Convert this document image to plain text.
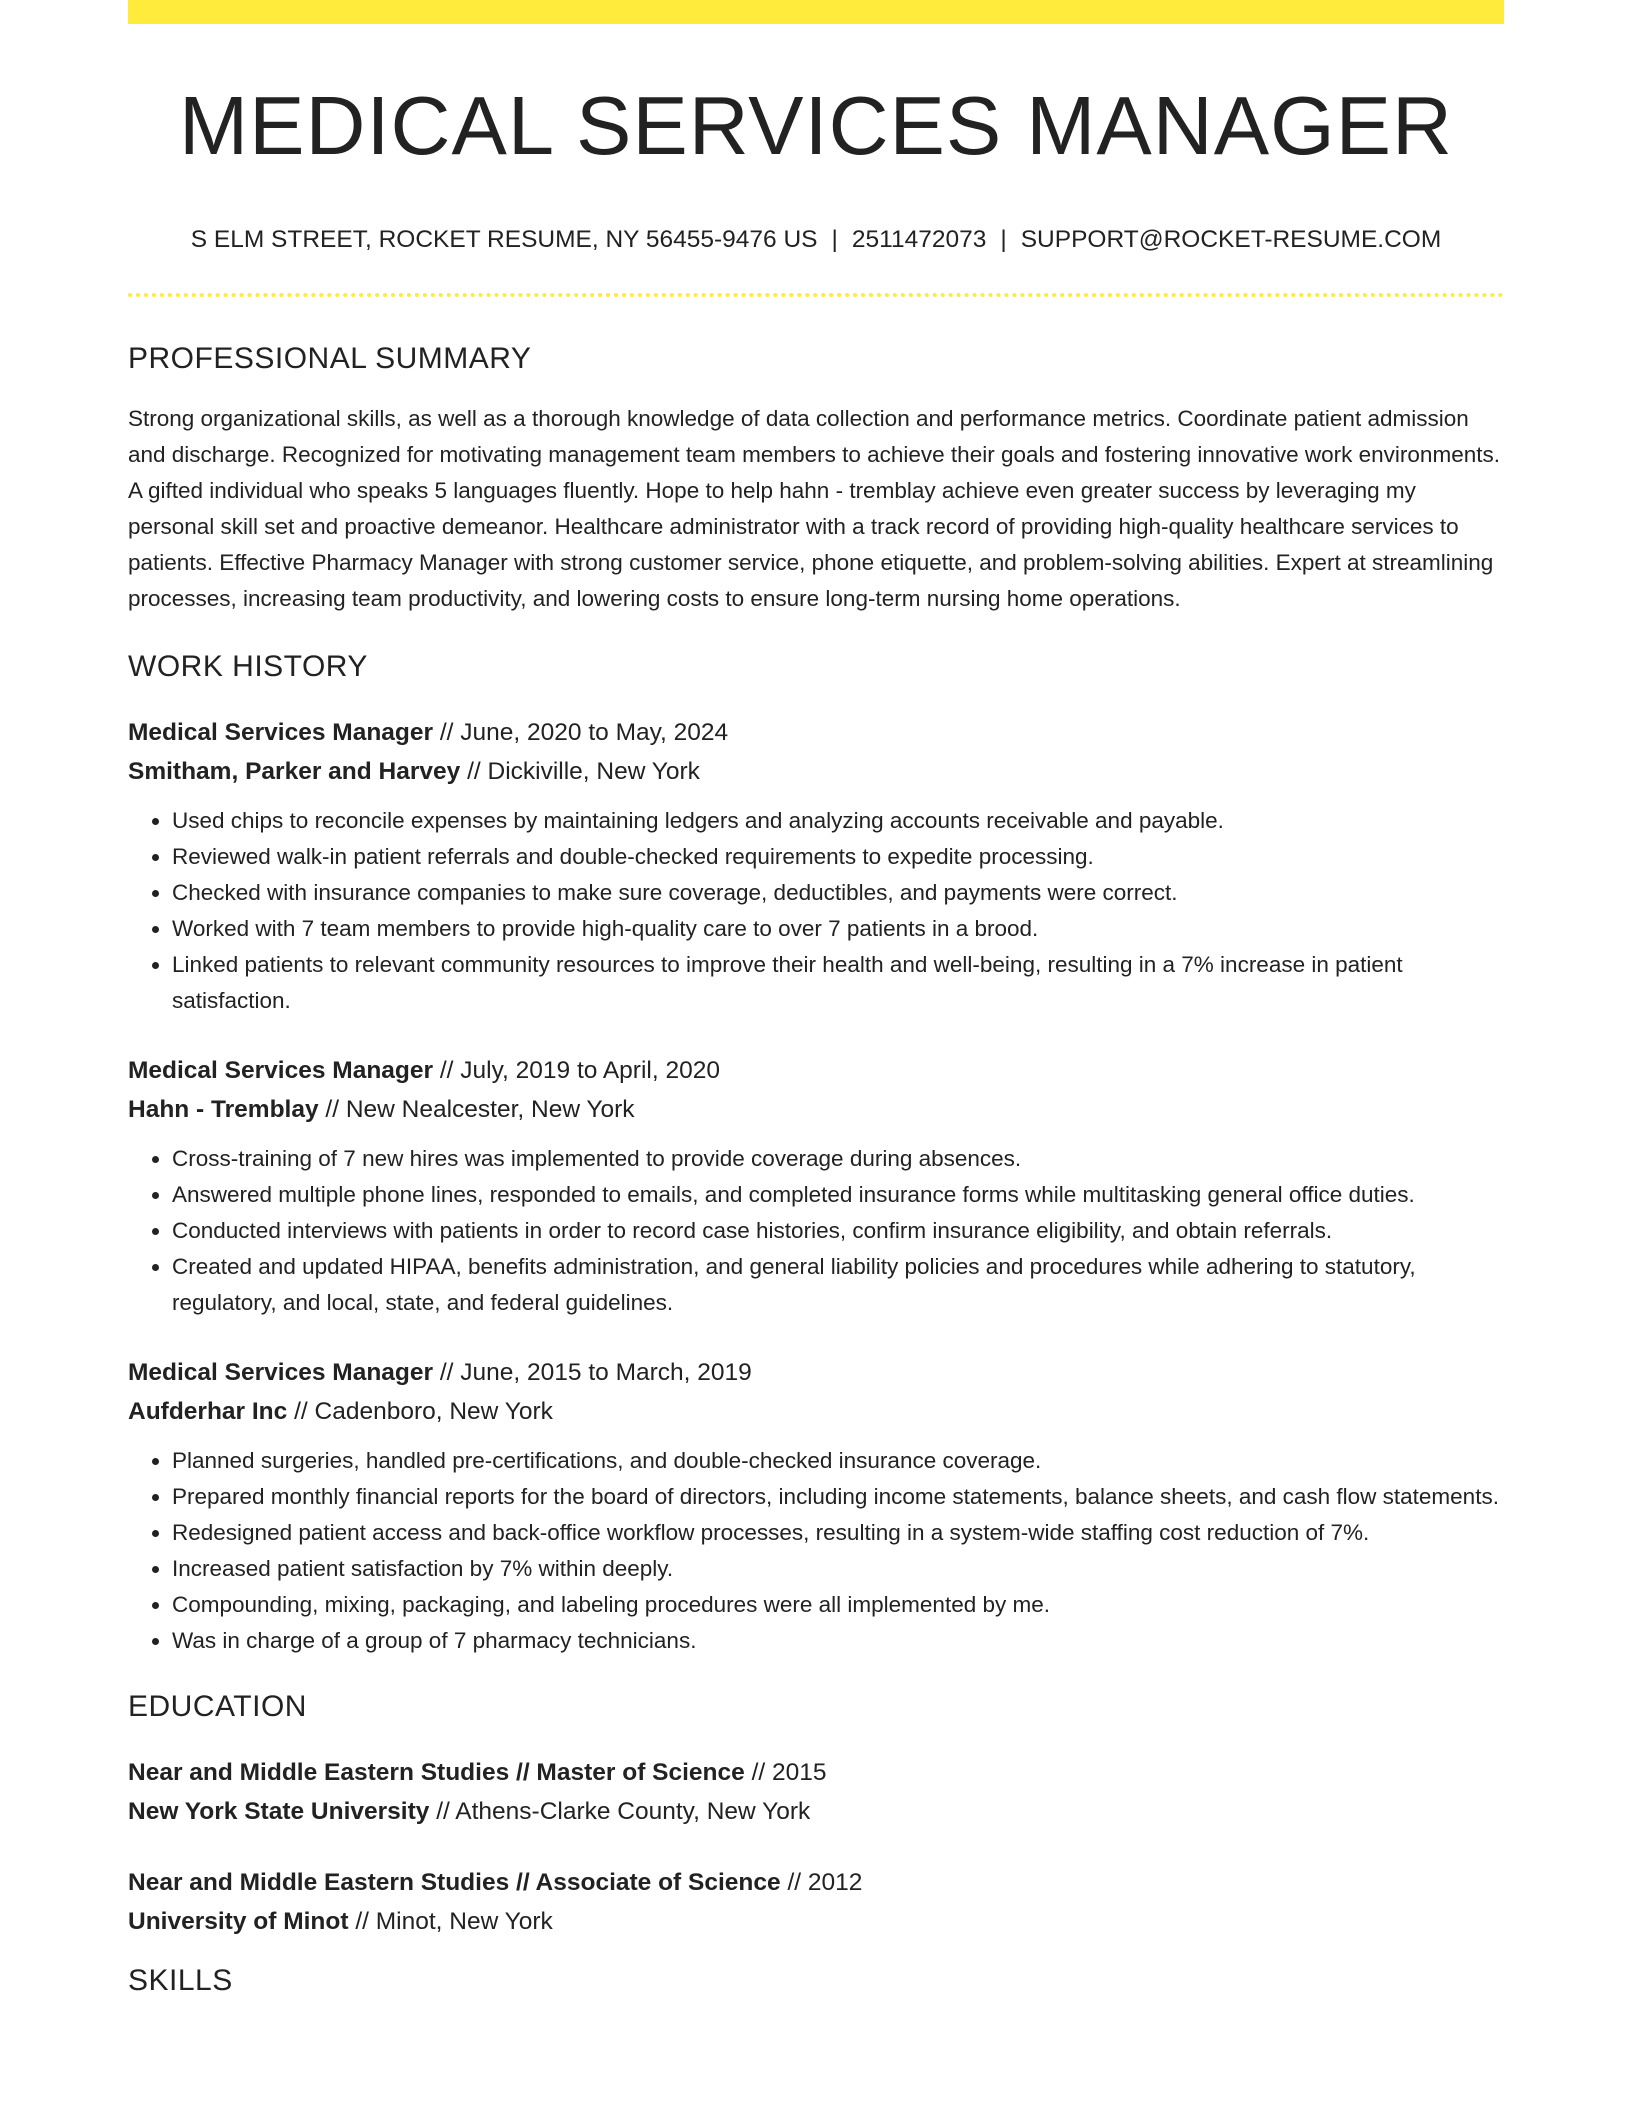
MEDICAL SERVICES MANAGER
S ELM STREET, ROCKET RESUME, NY 56455-9476 US | 2511472073 | SUPPORT@ROCKET-RESUME.COM
PROFESSIONAL SUMMARY
Strong organizational skills, as well as a thorough knowledge of data collection and performance metrics. Coordinate patient admission and discharge. Recognized for motivating management team members to achieve their goals and fostering innovative work environments. A gifted individual who speaks 5 languages fluently. Hope to help hahn - tremblay achieve even greater success by leveraging my personal skill set and proactive demeanor. Healthcare administrator with a track record of providing high-quality healthcare services to patients. Effective Pharmacy Manager with strong customer service, phone etiquette, and problem-solving abilities. Expert at streamlining processes, increasing team productivity, and lowering costs to ensure long-term nursing home operations.
WORK HISTORY
Medical Services Manager // June, 2020 to May, 2024
Smitham, Parker and Harvey // Dickiville, New York
• Used chips to reconcile expenses by maintaining ledgers and analyzing accounts receivable and payable.
• Reviewed walk-in patient referrals and double-checked requirements to expedite processing.
• Checked with insurance companies to make sure coverage, deductibles, and payments were correct.
• Worked with 7 team members to provide high-quality care to over 7 patients in a brood.
• Linked patients to relevant community resources to improve their health and well-being, resulting in a 7% increase in patient satisfaction.
Medical Services Manager // July, 2019 to April, 2020
Hahn - Tremblay // New Nealcester, New York
• Cross-training of 7 new hires was implemented to provide coverage during absences.
• Answered multiple phone lines, responded to emails, and completed insurance forms while multitasking general office duties.
• Conducted interviews with patients in order to record case histories, confirm insurance eligibility, and obtain referrals.
• Created and updated HIPAA, benefits administration, and general liability policies and procedures while adhering to statutory, regulatory, and local, state, and federal guidelines.
Medical Services Manager // June, 2015 to March, 2019
Aufderhar Inc // Cadenboro, New York
• Planned surgeries, handled pre-certifications, and double-checked insurance coverage.
• Prepared monthly financial reports for the board of directors, including income statements, balance sheets, and cash flow statements.
• Redesigned patient access and back-office workflow processes, resulting in a system-wide staffing cost reduction of 7%.
• Increased patient satisfaction by 7% within deeply.
• Compounding, mixing, packaging, and labeling procedures were all implemented by me.
• Was in charge of a group of 7 pharmacy technicians.
EDUCATION
Near and Middle Eastern Studies // Master of Science // 2015
New York State University // Athens-Clarke County, New York
Near and Middle Eastern Studies // Associate of Science // 2012
University of Minot // Minot, New York
SKILLS
